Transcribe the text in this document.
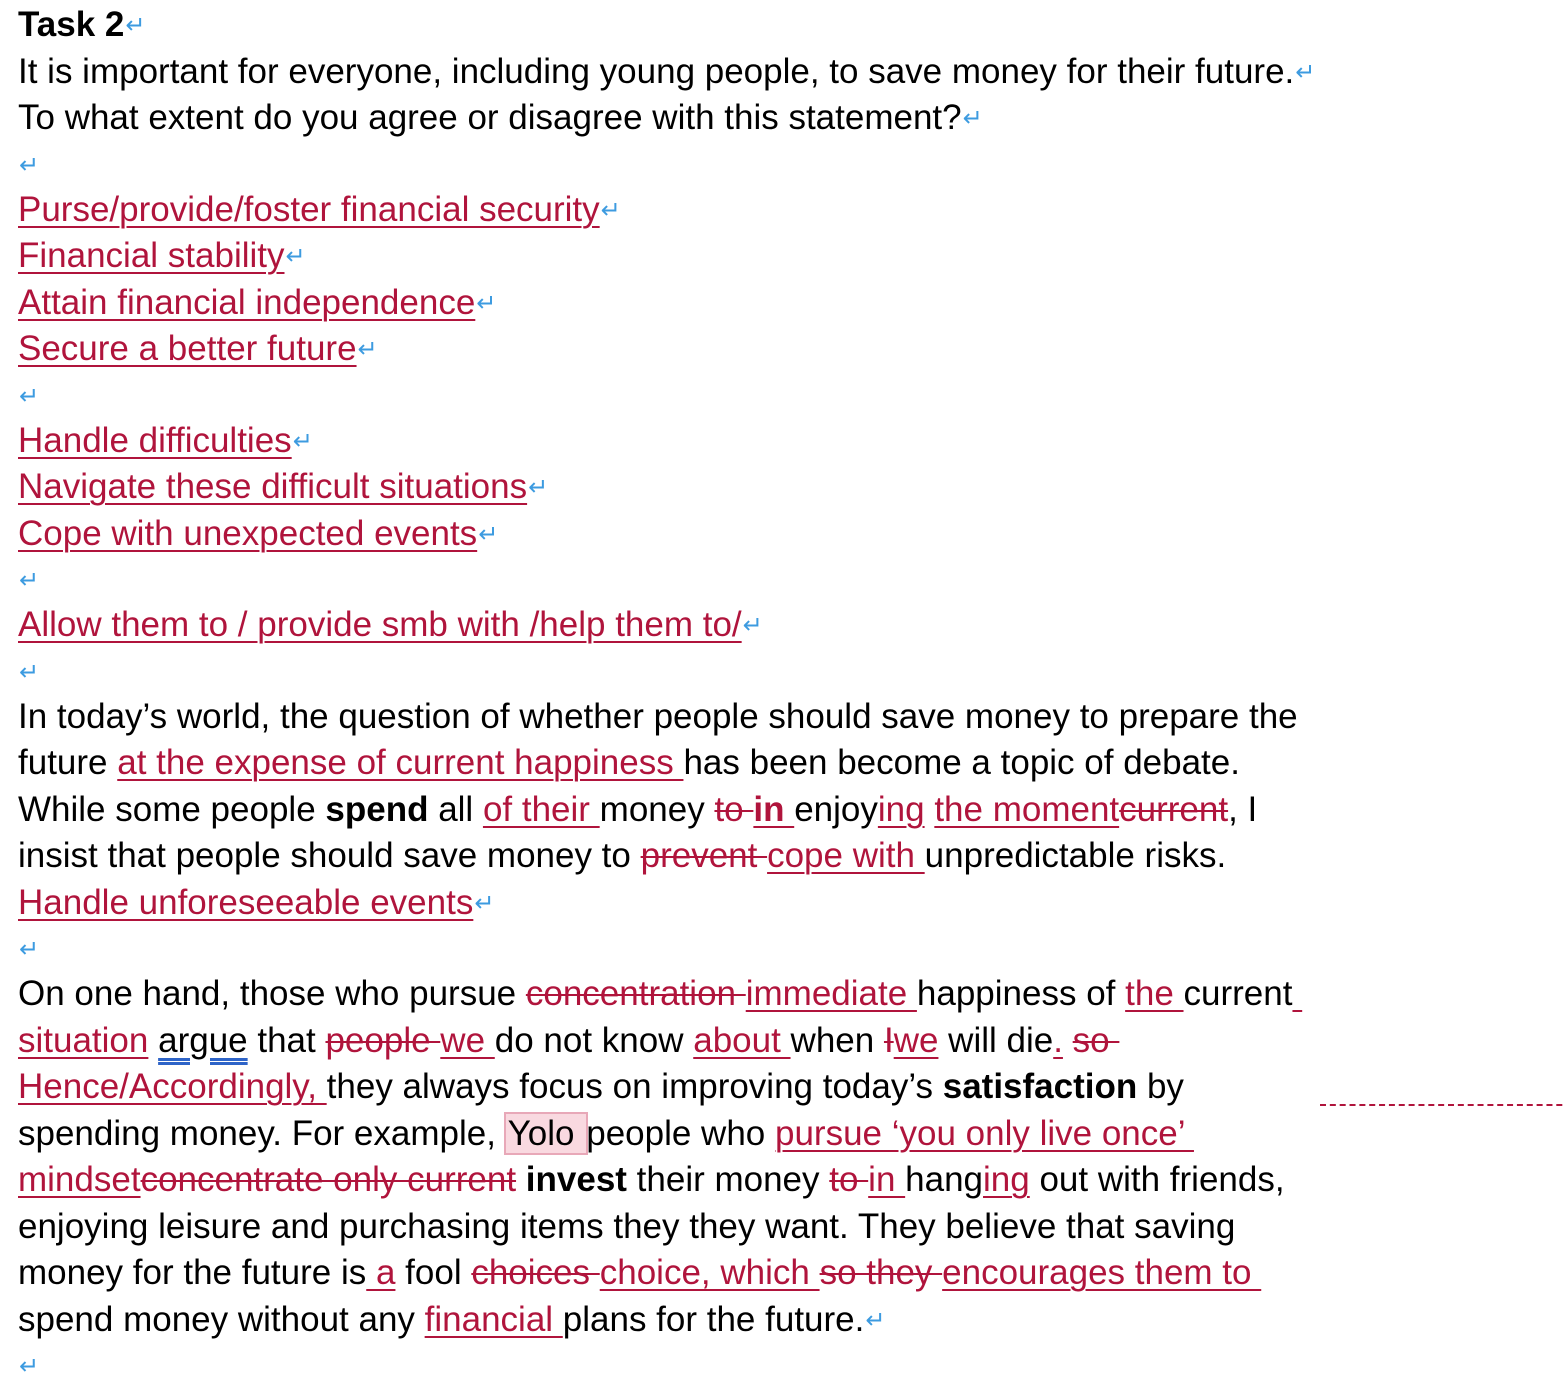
Task 2↵
It is important for everyone, including young people, to save money for their future.↵
To what extent do you agree or disagree with this statement?↵
↵
Purse/provide/foster financial security↵
Financial stability↵
Attain financial independence↵
Secure a better future↵
↵
Handle difficulties↵
Navigate these difficult situations↵
Cope with unexpected events↵
↵
Allow them to / provide smb with /help them to/↵
↵
In today’s world, the question of whether people should save money to prepare the
future at the expense of current happiness has been become a topic of debate.
While some people spend all of their money to in enjoying the momentcurrent, I
insist that people should save money to prevent cope with unpredictable risks.
Handle unforeseeable events↵
↵
On one hand, those who pursue concentration immediate happiness of the current
situation argue that people we do not know about when Iwe will die. so
Hence/Accordingly, they always focus on improving today’s satisfaction by
spending money. For example, Yolo people who pursue ‘you only live once’
mindsetconcentrate only current invest their money to in hanging out with friends,
enjoying leisure and purchasing items they they want. They believe that saving
money for the future is a fool choices choice, which so they encourages them to
spend money without any financial plans for the future.↵
↵
